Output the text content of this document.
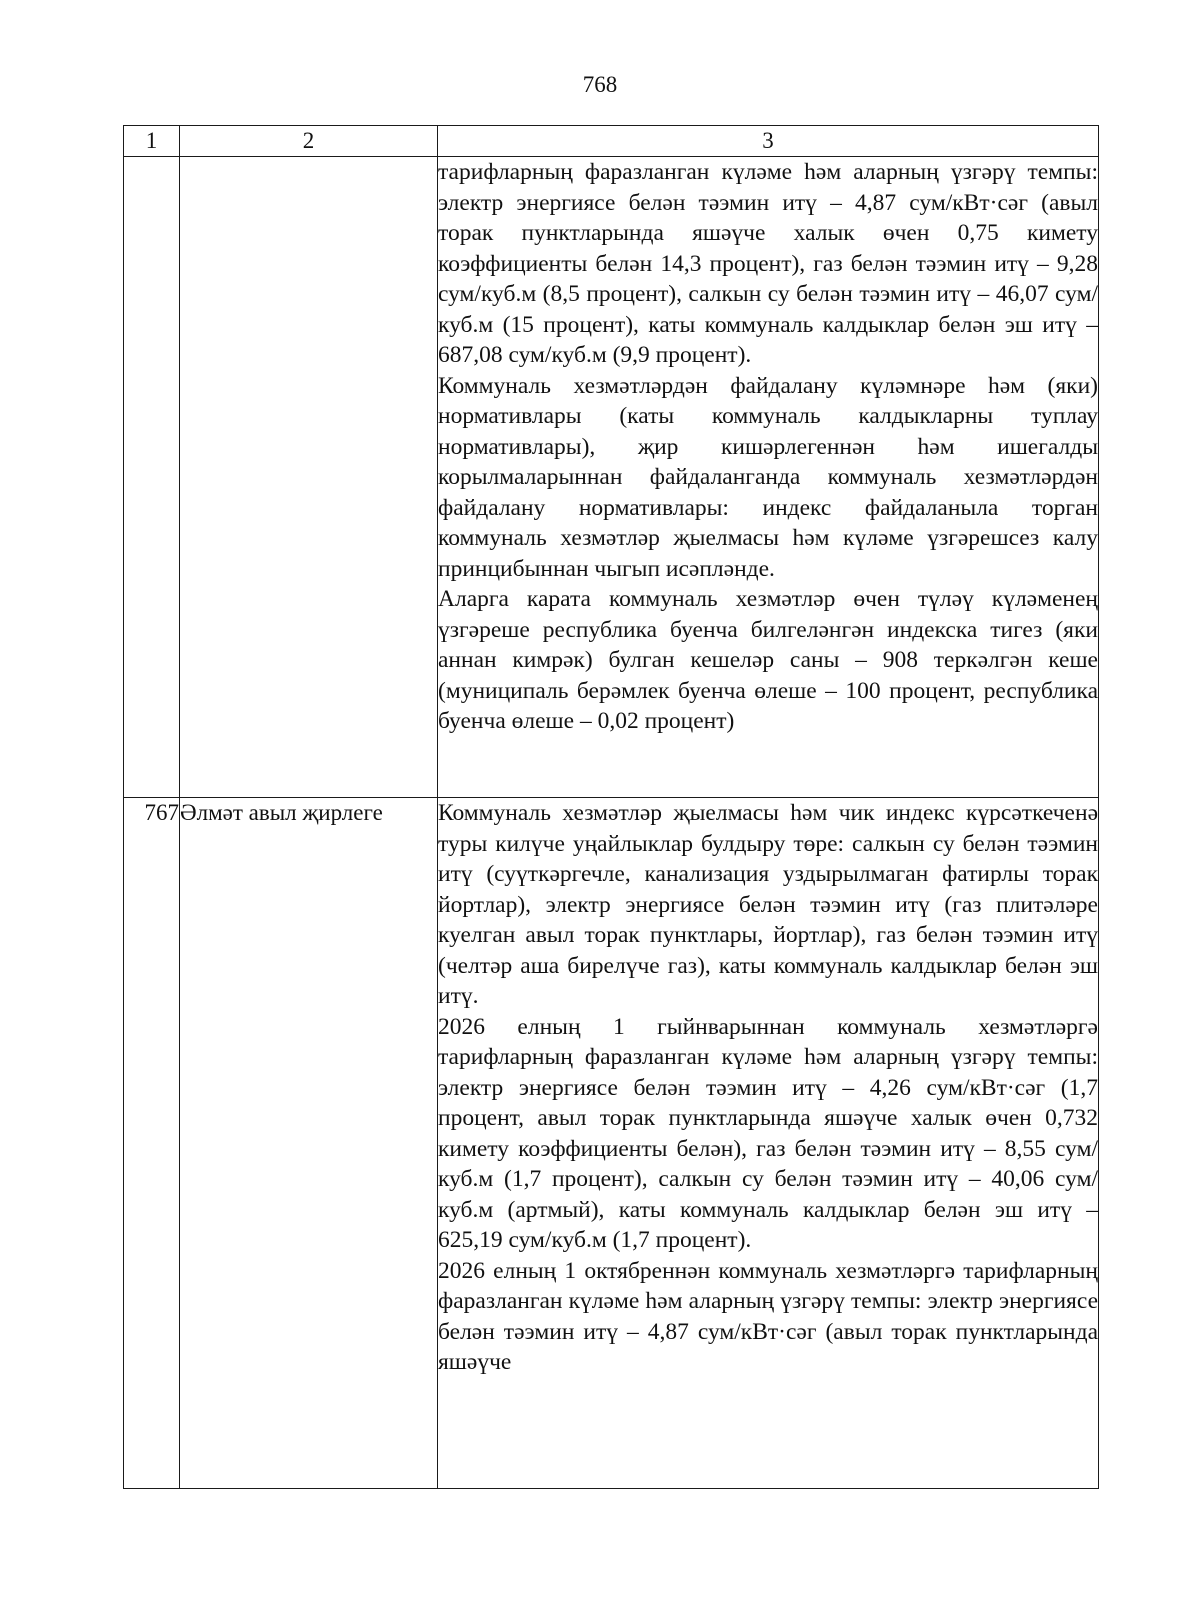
768
1	2	3

		тарифларның фаразланган күләме һәм аларның үзгәрү темпы: электр энергиясе белән тәэмин итү – 4,87 сум/кВт·сәг (авыл торак пунктларында яшәүче халык өчен 0,75 кимету коэффициенты белән 14,3 процент), газ белән тәэмин итү – 9,28 сум/куб.м (8,5 процент), салкын су белән тәэмин итү – 46,07 сум/куб.м (15 процент), каты коммуналь калдыклар белән эш итү – 687,08 сум/куб.м (9,9 процент).

Коммуналь хезмәтләрдән файдалану күләмнәре һәм (яки) нормативлары (каты коммуналь калдыкларны туплау нормативлары), җир кишәрлегеннән һәм ишегалды корылмаларыннан файдаланганда коммуналь хезмәтләрдән файдалану нормативлары: индекс файдаланыла торган коммуналь хезмәтләр җыелмасы һәм күләме үзгәрешсез калу принцибыннан чыгып исәпләнде.

Аларга карата коммуналь хезмәтләр өчен түләү күләменең үзгәреше республика буенча билгеләнгән индекска тигез (яки аннан кимрәк) булган кешеләр саны – 908 теркәлгән кеше (муниципаль берәмлек буенча өлеше – 100 процент, республика буенча өлеше – 0,02 процент)

767	Әлмәт авыл җирлеге	Коммуналь хезмәтләр җыелмасы һәм чик индекс күрсәткеченә туры килүче уңайлыклар булдыру төре: салкын су белән тәэмин итү (суүткәргечле, канализация уздырылмаган фатирлы торак йортлар), электр энергиясе белән тәэмин итү (газ плитәләре куелган авыл торак пунктлары, йортлар), газ белән тәэмин итү (челтәр аша бирелүче газ), каты коммуналь калдыклар белән эш итү.

2026 елның 1 гыйнварыннан коммуналь хезмәтләргә тарифларның фаразланган күләме һәм аларның үзгәрү темпы: электр энергиясе белән тәэмин итү – 4,26 сум/кВт·сәг (1,7 процент, авыл торак пунктларында яшәүче халык өчен 0,732 кимету коэффициенты белән), газ белән тәэмин итү – 8,55 сум/куб.м (1,7 процент), салкын су белән тәэмин итү – 40,06 сум/куб.м (артмый), каты коммуналь калдыклар белән эш итү – 625,19 сум/куб.м (1,7 процент).

2026 елның 1 октябреннән коммуналь хезмәтләргә тарифларның фаразланган күләме һәм аларның үзгәрү темпы: электр энергиясе белән тәэмин итү – 4,87 сум/кВт·сәг (авыл торак пунктларында яшәүче
